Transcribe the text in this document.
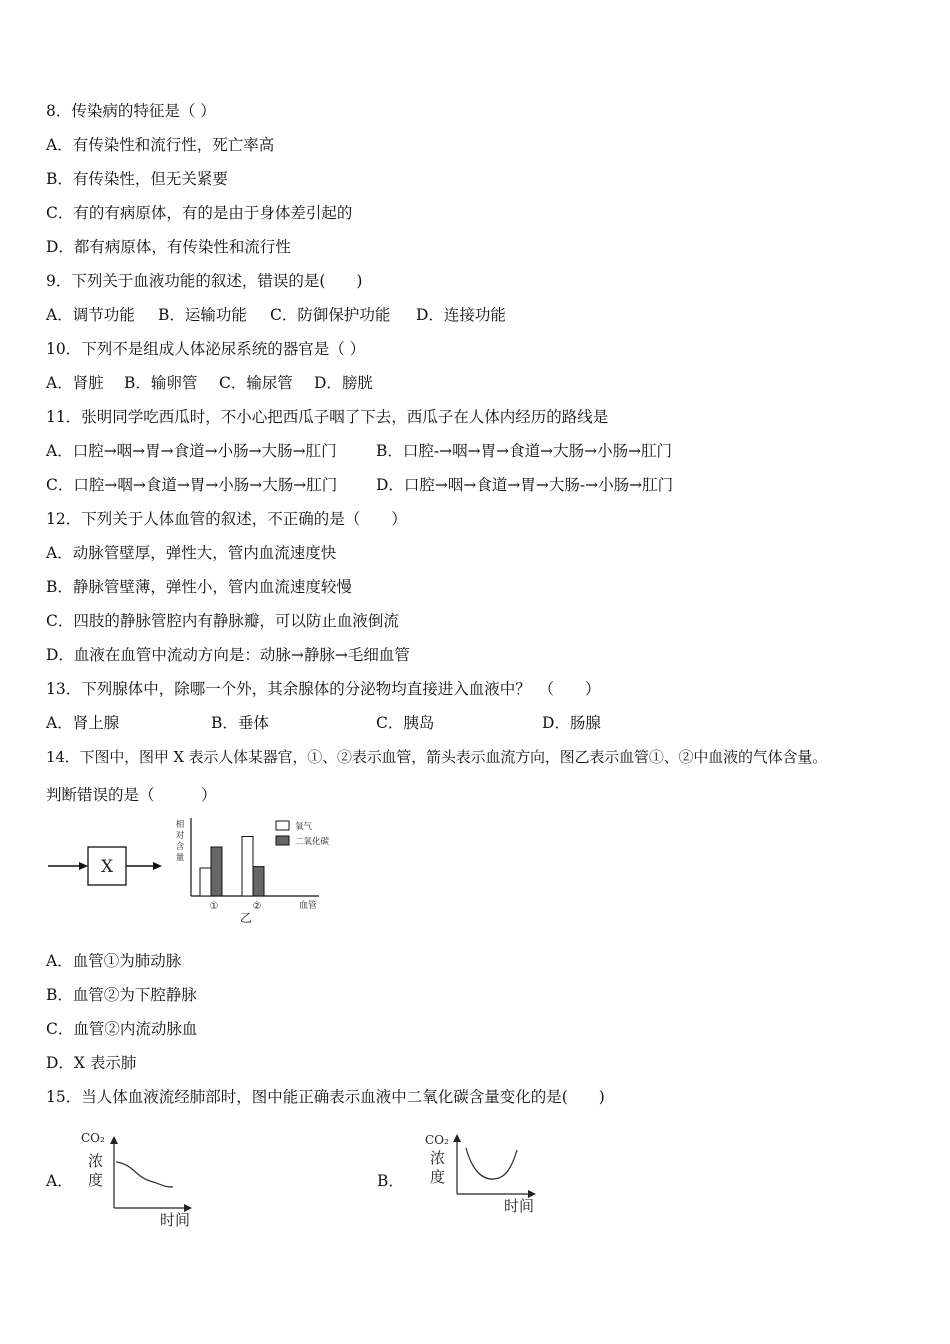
8．传染病的特征是（ ）
A．有传染性和流行性，死亡率高
B．有传染性，但无关紧要
C．有的有病原体，有的是由于身体差引起的
D．都有病原体，有传染性和流行性
9．下列关于血液功能的叙述，错误的是(　　)
A．调节功能 B．运输功能 C．防御保护功能 D．连接功能
10．下列不是组成人体泌尿系统的器官是（ ）
A．肾脏 B．输卵管 C．输尿管 D．膀胱
11．张明同学吃西瓜时，不小心把西瓜子咽了下去，西瓜子在人体内经历的路线是
A．口腔→咽→胃→食道→小肠→大肠→肛门	B．口腔-→咽→胃→食道→大肠→小肠→肛门
C．口腔→咽→食道→胃→小肠→大肠→肛门 D．口腔→咽→食道→胃→大肠-→小肠→肛门
12．下列关于人体血管的叙述，不正确的是（　　）
A．动脉管壁厚，弹性大，管内血流速度快
B．静脉管壁薄，弹性小，管内血流速度较慢
C．四肢的静脉管腔内有静脉瓣，可以防止血液倒流
D．血液在血管中流动方向是：动脉→静脉→毛细血管
13．下列腺体中，除哪一个外，其余腺体的分泌物均直接进入血液中？　（　　）
A．肾上腺	B．垂体	C．胰岛	D．肠腺
14．下图中，图甲 X 表示人体某器官，①、②表示血管，箭头表示血流方向，图乙表示血管①、②中血液的气体含量。
判断错误的是（　　　）
X
相
对
含
量
①	②	血管
乙
氧气
二氧化碳
A．血管①为肺动脉
B．血管②为下腔静脉
C．血管②内流动脉血
D．X 表示肺
15．当人体血液流经肺部时，图中能正确表示血液中二氧化碳含量变化的是(　　)
A．
CO₂
浓
度
时间
B．
CO₂
浓
度
时间
